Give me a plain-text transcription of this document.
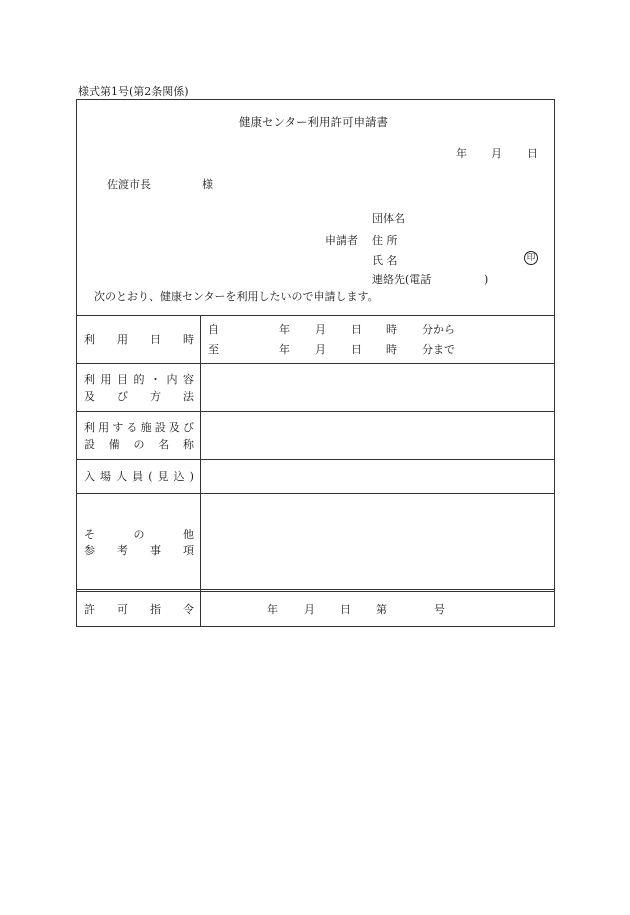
様式第1号(第2条関係)
健康センター利用許可申請書
年 月 日
佐渡市長	様
団体名
申請者 住 所
氏 名	印
連絡先(電話	)
次のとおり、健康センターを利用したいので申請します。
利 用 日 時
自	年 月 日 時 分から
至	年 月 日 時 分まで
利 用 目 的 ・ 内 容
及 び 方 法
利 用 す る 施 設 及 び
設 備 の 名 称
入 場 人 員 ( 見 込 )
そ	の	他
参 考 事 項
許 可 指 令	年 月 日 第	号
